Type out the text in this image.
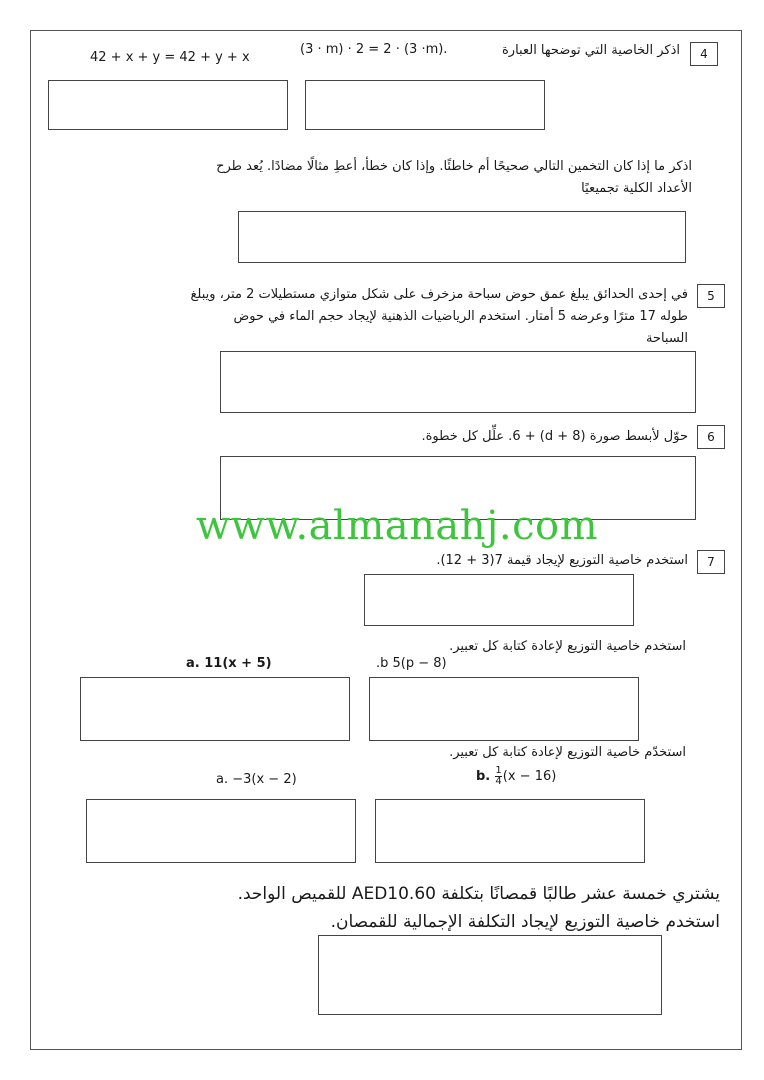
4
اذكر الخاصية التي توضحها العبارة
(3 · m) · 2 = 2 · (3 ·m).
42 + x + y = 42 + y + x
اذكر ما إذا كان التخمين التالي صحيحًا أم خاطئًا. وإذا كان خطأ، أعطِ مثالًا مضادًا. يُعد طرح الأعداد الكلية تجميعيًا
5
في إحدى الحدائق يبلغ عمق حوض سباحة مزخرف على شكل متوازي مستطيلات 2 متر، ويبلغ طوله 17 مترًا وعرضه 5 أمتار. استخدم الرياضيات الذهنية لإيجاد حجم الماء في حوض السباحة
6
حوّل لأبسط صورة (d + 8) + 6. علِّل كل خطوة.
www.almanahj.com
7
استخدم خاصية التوزيع لإيجاد قيمة 7(3 + 12).
استخدم خاصية التوزيع لإعادة كتابة كل تعبير.
a. 11(x + 5)	.b 5(p − 8)
استخدّم خاصية التوزيع لإعادة كتابة كل تعبير.
a. −3(x − 2)	b. $\frac{1}{4} (x - 16)$
يشتري خمسة عشر طالبًا قمصانًا بتكلفة AED10.60 للقميص الواحد.
استخدم خاصية التوزيع لإيجاد التكلفة الإجمالية للقمصان.
